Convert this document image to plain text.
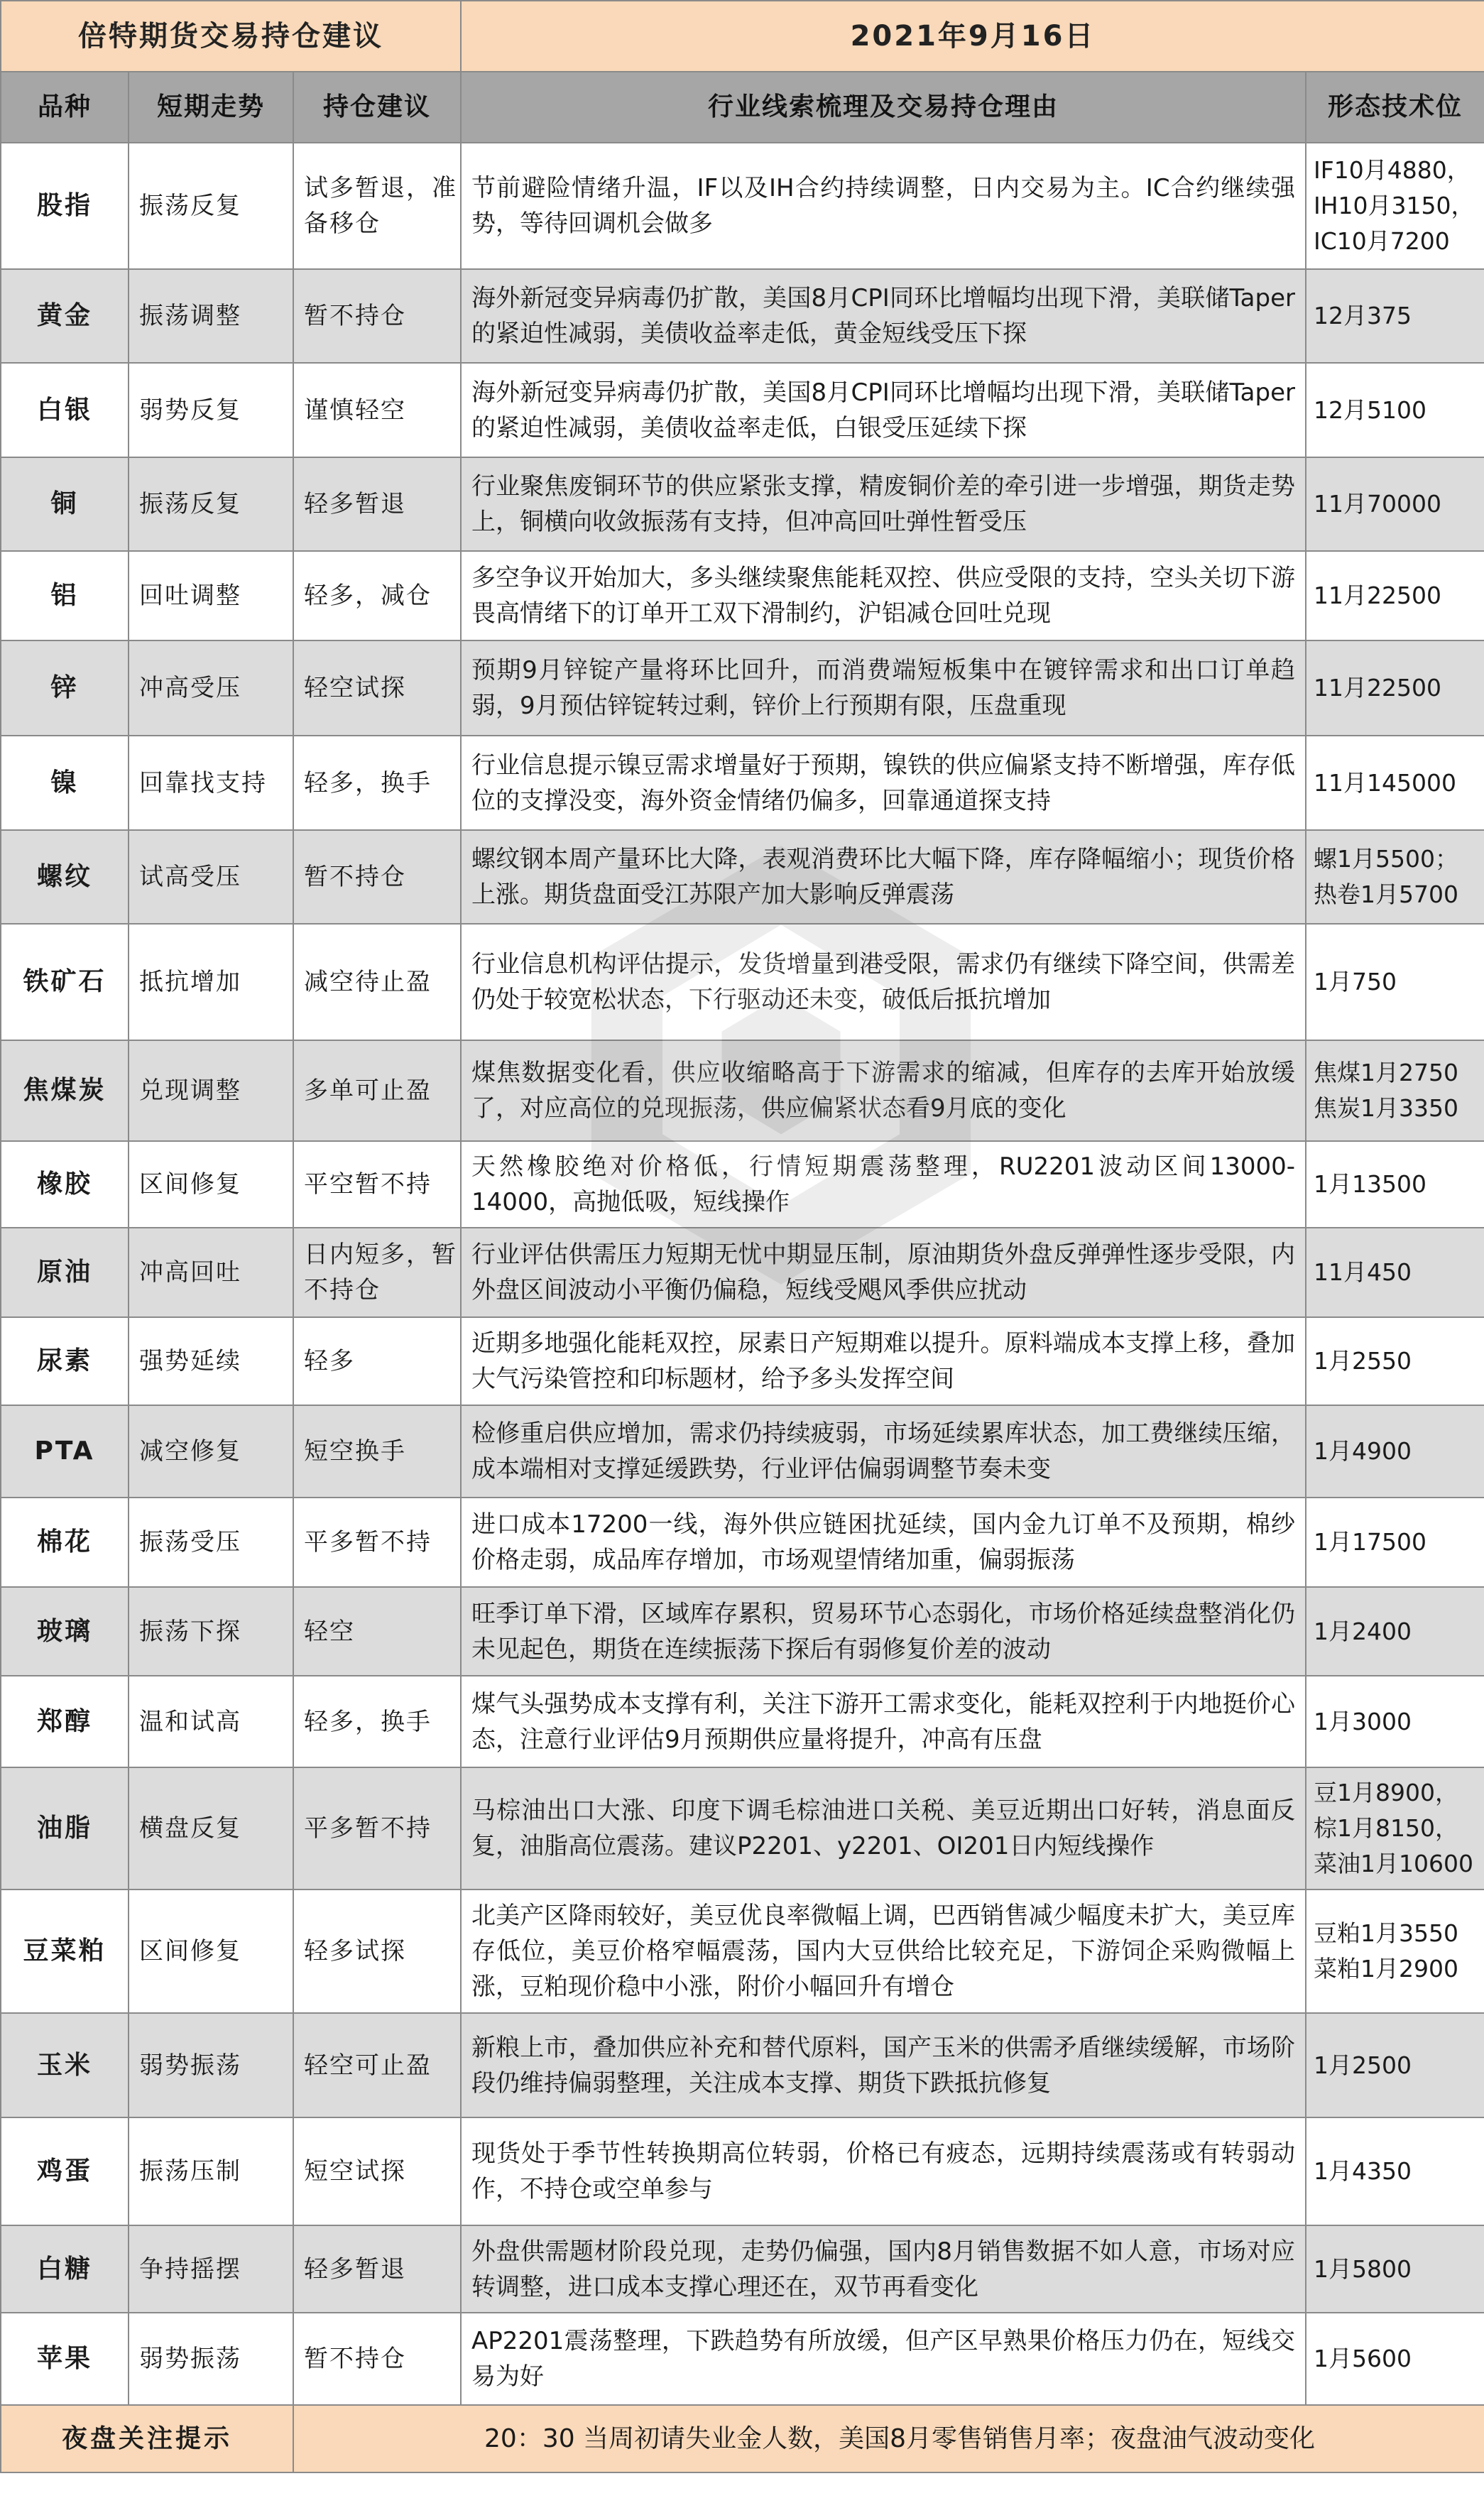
倍特期货交易持仓建议			2021年9月16日	
品种	短期走势	持仓建议	行业线索梳理及交易持仓理由	形态技术位
股指	振荡反复	试多暂退，准备移仓	节前避险情绪升温，IF以及IH合约持续调整，日内交易为主。IC合约继续强势，等待回调机会做多	IF10月4880，IH10月3150，IC10月7200
黄金	振荡调整	暂不持仓	海外新冠变异病毒仍扩散，美国8月CPI同环比增幅均出现下滑，美联储Taper的紧迫性减弱，美债收益率走低，黄金短线受压下探	12月375
白银	弱势反复	谨慎轻空	海外新冠变异病毒仍扩散，美国8月CPI同环比增幅均出现下滑，美联储Taper的紧迫性减弱，美债收益率走低，白银受压延续下探	12月5100
铜	振荡反复	轻多暂退	行业聚焦废铜环节的供应紧张支撑，精废铜价差的牵引进一步增强，期货走势上，铜横向收敛振荡有支持，但冲高回吐弹性暂受压	11月70000
铝	回吐调整	轻多，减仓	多空争议开始加大，多头继续聚焦能耗双控、供应受限的支持，空头关切下游畏高情绪下的订单开工双下滑制约，沪铝减仓回吐兑现	11月22500
锌	冲高受压	轻空试探	预期9月锌锭产量将环比回升，而消费端短板集中在镀锌需求和出口订单趋弱，9月预估锌锭转过剩，锌价上行预期有限，压盘重现	11月22500
镍	回靠找支持	轻多，换手	行业信息提示镍豆需求增量好于预期，镍铁的供应偏紧支持不断增强，库存低位的支撑没变，海外资金情绪仍偏多，回靠通道探支持	11月145000
螺纹	试高受压	暂不持仓	螺纹钢本周产量环比大降，表观消费环比大幅下降，库存降幅缩小；现货价格上涨。期货盘面受江苏限产加大影响反弹震荡	螺1月5500；热卷1月5700
铁矿石	抵抗增加	减空待止盈	行业信息机构评估提示，发货增量到港受限，需求仍有继续下降空间，供需差仍处于较宽松状态，下行驱动还未变，破低后抵抗增加	1月750
焦煤炭	兑现调整	多单可止盈	煤焦数据变化看，供应收缩略高于下游需求的缩减，但库存的去库开始放缓了，对应高位的兑现振荡，供应偏紧状态看9月底的变化	焦煤1月2750 焦炭1月3350
橡胶	区间修复	平空暂不持	天然橡胶绝对价格低，行情短期震荡整理，RU2201波动区间13000-14000，高抛低吸，短线操作	1月13500
原油	冲高回吐	日内短多，暂不持仓	行业评估供需压力短期无忧中期显压制，原油期货外盘反弹弹性逐步受限，内外盘区间波动小平衡仍偏稳，短线受飓风季供应扰动	11月450
尿素	强势延续	轻多	近期多地强化能耗双控，尿素日产短期难以提升。原料端成本支撑上移，叠加大气污染管控和印标题材，给予多头发挥空间	1月2550
PTA	减空修复	短空换手	检修重启供应增加，需求仍持续疲弱，市场延续累库状态，加工费继续压缩，成本端相对支撑延缓跌势，行业评估偏弱调整节奏未变	1月4900
棉花	振荡受压	平多暂不持	进口成本17200一线，海外供应链困扰延续，国内金九订单不及预期，棉纱价格走弱，成品库存增加，市场观望情绪加重，偏弱振荡	1月17500
玻璃	振荡下探	轻空	旺季订单下滑，区域库存累积，贸易环节心态弱化，市场价格延续盘整消化仍未见起色，期货在连续振荡下探后有弱修复价差的波动	1月2400
郑醇	温和试高	轻多，换手	煤气头强势成本支撑有利，关注下游开工需求变化，能耗双控利于内地挺价心态，注意行业评估9月预期供应量将提升，冲高有压盘	1月3000
油脂	横盘反复	平多暂不持	马棕油出口大涨、印度下调毛棕油进口关税、美豆近期出口好转，消息面反复，油脂高位震荡。建议P2201、y2201、OI201日内短线操作	豆1月8900，棕1月8150，菜油1月10600
豆菜粕	区间修复	轻多试探	北美产区降雨较好，美豆优良率微幅上调，巴西销售减少幅度未扩大，美豆库存低位，美豆价格窄幅震荡，国内大豆供给比较充足，下游饲企采购微幅上涨，豆粕现价稳中小涨，附价小幅回升有增仓	豆粕1月3550 菜粕1月2900
玉米	弱势振荡	轻空可止盈	新粮上市，叠加供应补充和替代原料，国产玉米的供需矛盾继续缓解，市场阶段仍维持偏弱整理，关注成本支撑、期货下跌抵抗修复	1月2500
鸡蛋	振荡压制	短空试探	现货处于季节性转换期高位转弱，价格已有疲态，远期持续震荡或有转弱动作，不持仓或空单参与	1月4350
白糖	争持摇摆	轻多暂退	外盘供需题材阶段兑现，走势仍偏强，国内8月销售数据不如人意，市场对应转调整，进口成本支撑心理还在，双节再看变化	1月5800
苹果	弱势振荡	暂不持仓	AP2201震荡整理，下跌趋势有所放缓，但产区早熟果价格压力仍在，短线交易为好	1月5600
夜盘关注提示		20：30 当周初请失业金人数，美国8月零售销售月率；夜盘油气波动变化		
